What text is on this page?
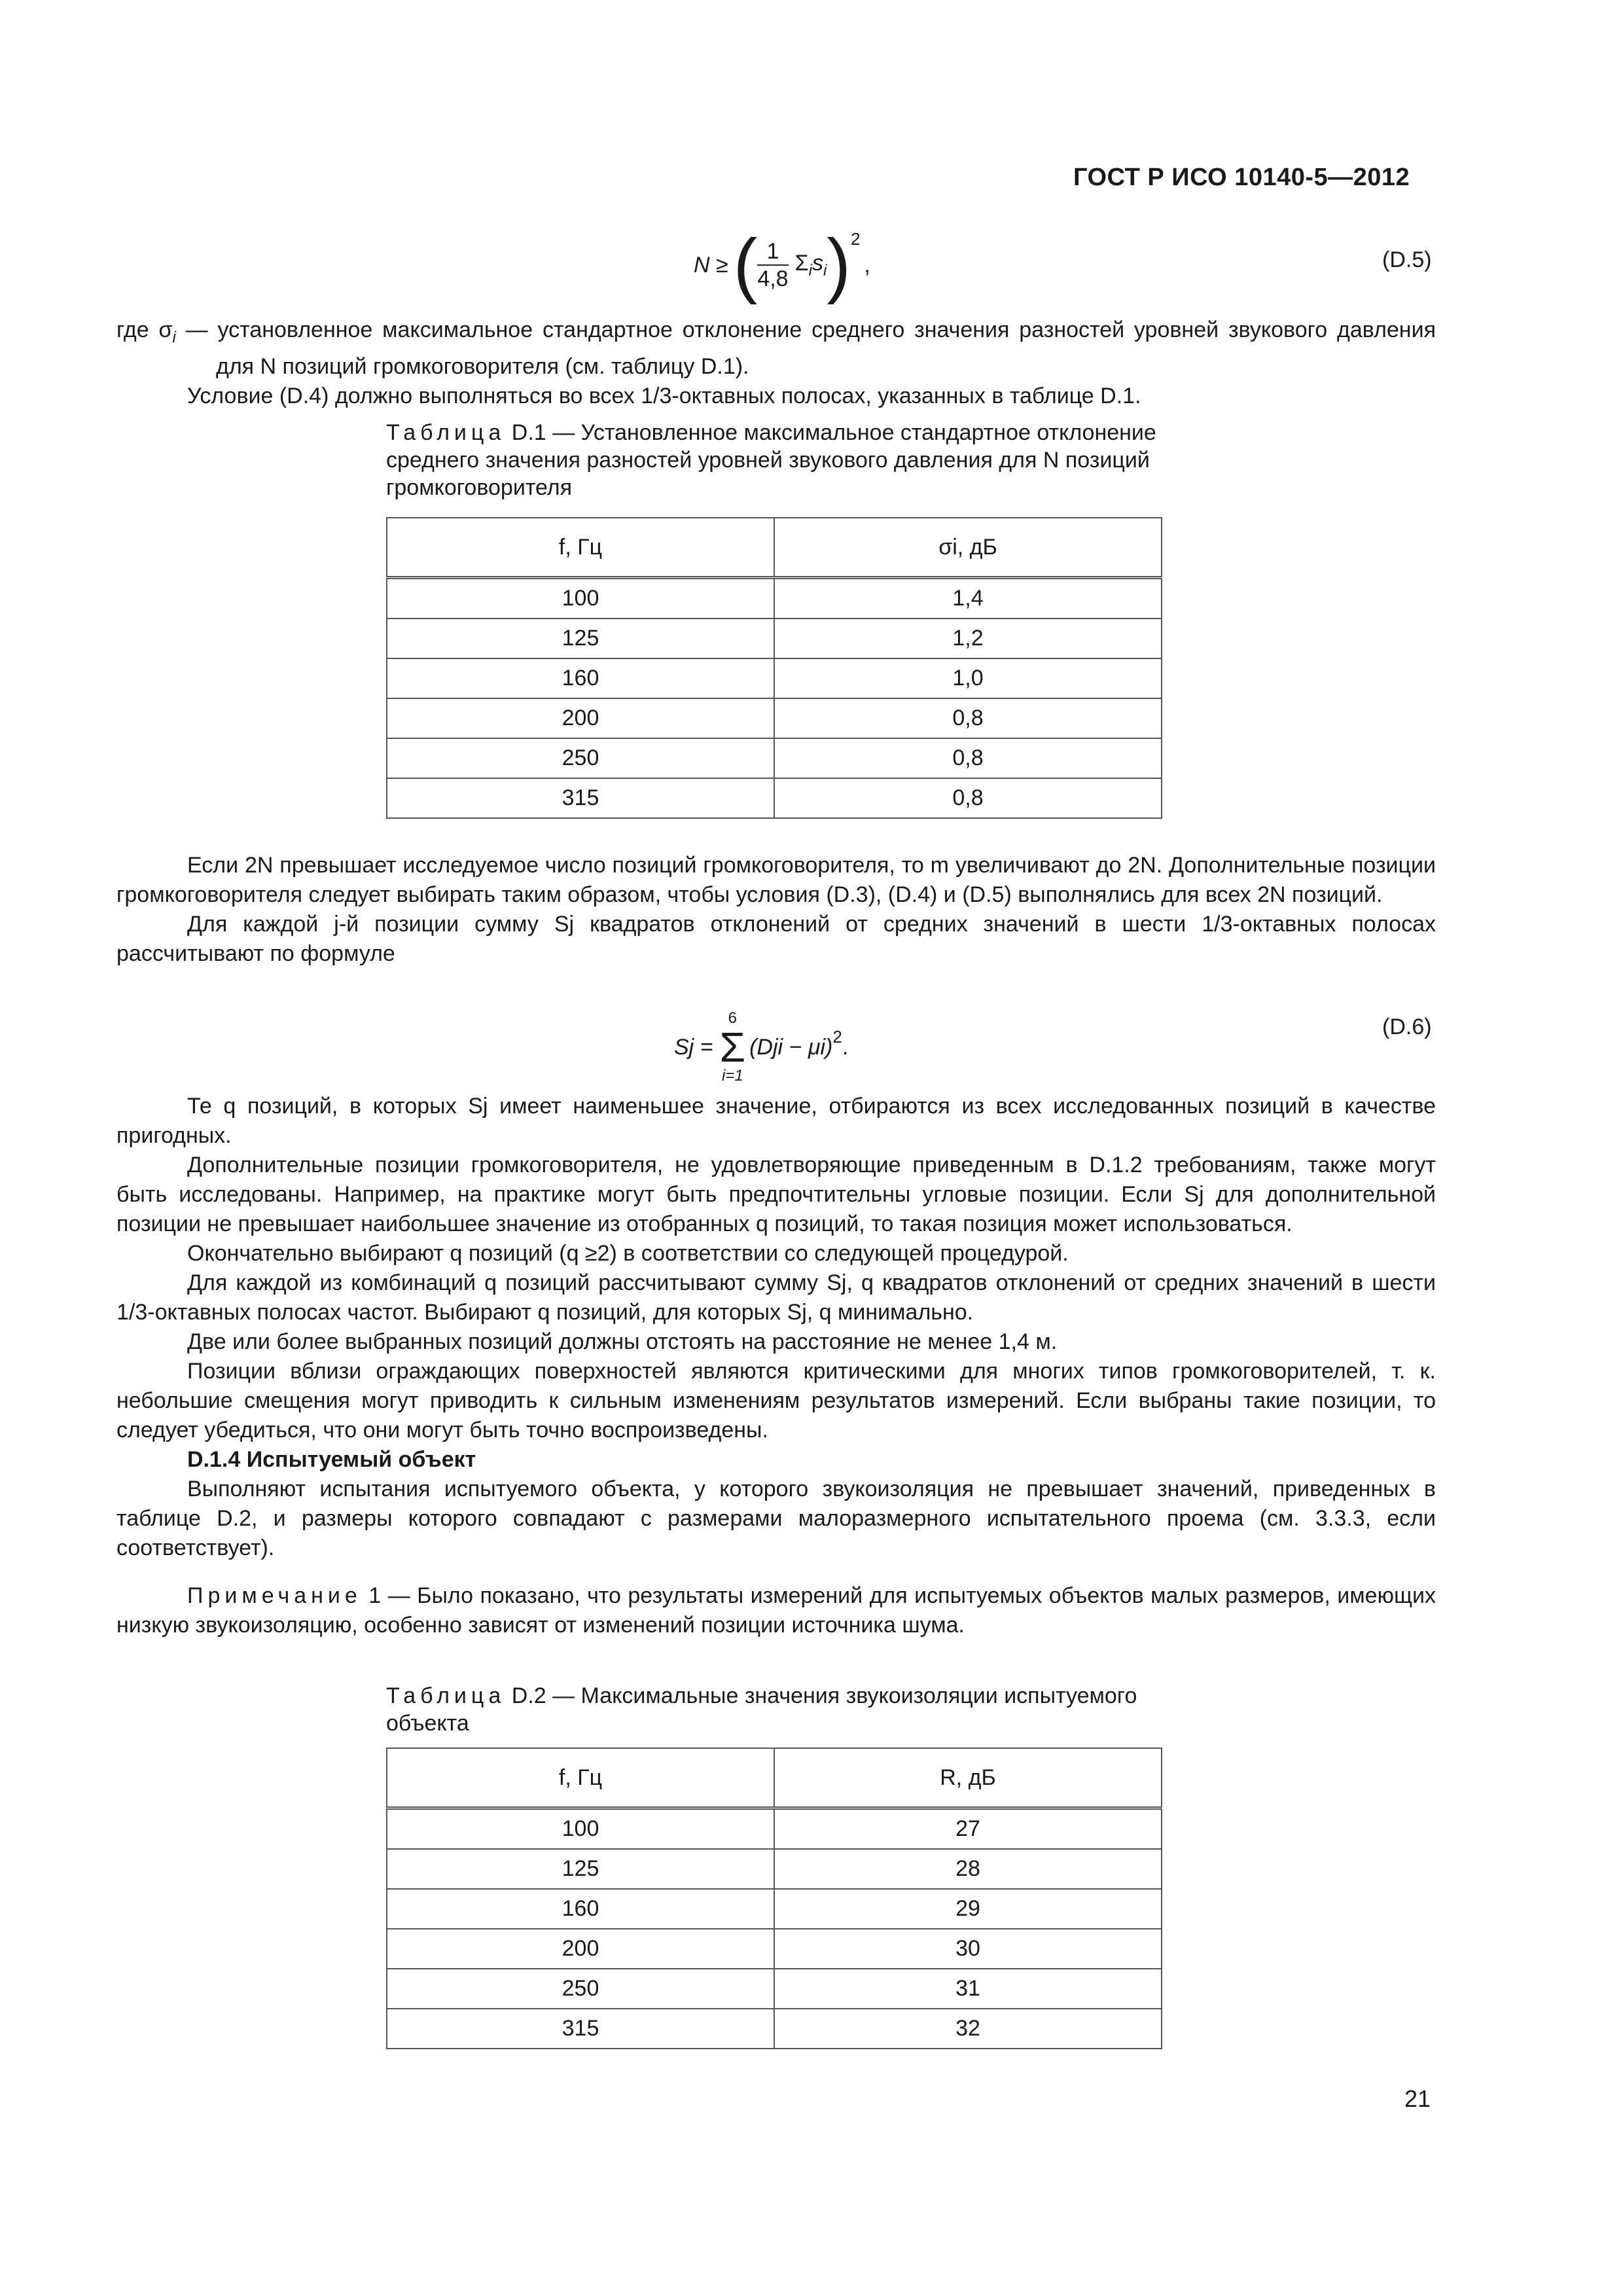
ГОСТ Р ИСО 10140-5—2012
N ≥ ( $\frac{1}{4,8} \Sigma_is_i$ )$^2$
,	(D.5)

где $\sigma_i$ — установленное максимальное стандартное отклонение среднего значения разностей уровней звукового давления для N позиций громкоговорителя (см. таблицу D.1).

Условие (D.4) должно выполняться во всех 1/3-октавных полосах, указанных в таблице D.1.

Таблица D.1 — Установленное максимальное стандартное отклонение среднего значения разностей уровней звукового давления для N позиций громкоговорителя
f, Гц	σi, дБ
100	1,4
125	1,2
160	1,0
200	0,8
250	0,8
315	0,8

Если 2N превышает исследуемое число позиций громкоговорителя, то m увеличивают до 2N. Дополнительные позиции громкоговорителя следует выбирать таким образом, чтобы условия (D.3), (D.4) и (D.5) выполнялись для всех 2N позиций.

Для каждой j-й позиции сумму Sj квадратов отклонений от средних значений в шести 1/3-октавных полосах рассчитывают по формуле

Sj =
6
Σ
i=1
(Dji − μi)$^2$ .
(D.6)

Те q позиций, в которых Sj имеет наименьшее значение, отбираются из всех исследованных позиций в качестве пригодных.

Дополнительные позиции громкоговорителя, не удовлетворяющие приведенным в D.1.2 требованиям, также могут быть исследованы. Например, на практике могут быть предпочтительны угловые позиции. Если Sj для дополнительной позиции не превышает наибольшее значение из отобранных q позиций, то такая позиция может использоваться.

Окончательно выбирают q позиций (q ≥2) в соответствии со следующей процедурой.

Для каждой из комбинаций q позиций рассчитывают сумму Sj, q квадратов отклонений от средних значений в шести 1/3-октавных полосах частот. Выбирают q позиций, для которых Sj, q минимально.

Две или более выбранных позиций должны отстоять на расстояние не менее 1,4 м.

Позиции вблизи ограждающих поверхностей являются критическими для многих типов громкоговорителей, т. к. небольшие смещения могут приводить к сильным изменениям результатов измерений. Если выбраны такие позиции, то следует убедиться, что они могут быть точно воспроизведены.

D.1.4 Испытуемый объект

Выполняют испытания испытуемого объекта, у которого звукоизоляция не превышает значений, приведенных в таблице D.2, и размеры которого совпадают с размерами малоразмерного испытательного проема (см. 3.3.3, если соответствует).

Примечание 1 — Было показано, что результаты измерений для испытуемых объектов малых размеров, имеющих низкую звукоизоляцию, особенно зависят от изменений позиции источника шума.

Таблица D.2 — Максимальные значения звукоизоляции испытуемого объекта
f, Гц	R, дБ
100	27
125	28
160	29
200	30
250	31
315	32
21
